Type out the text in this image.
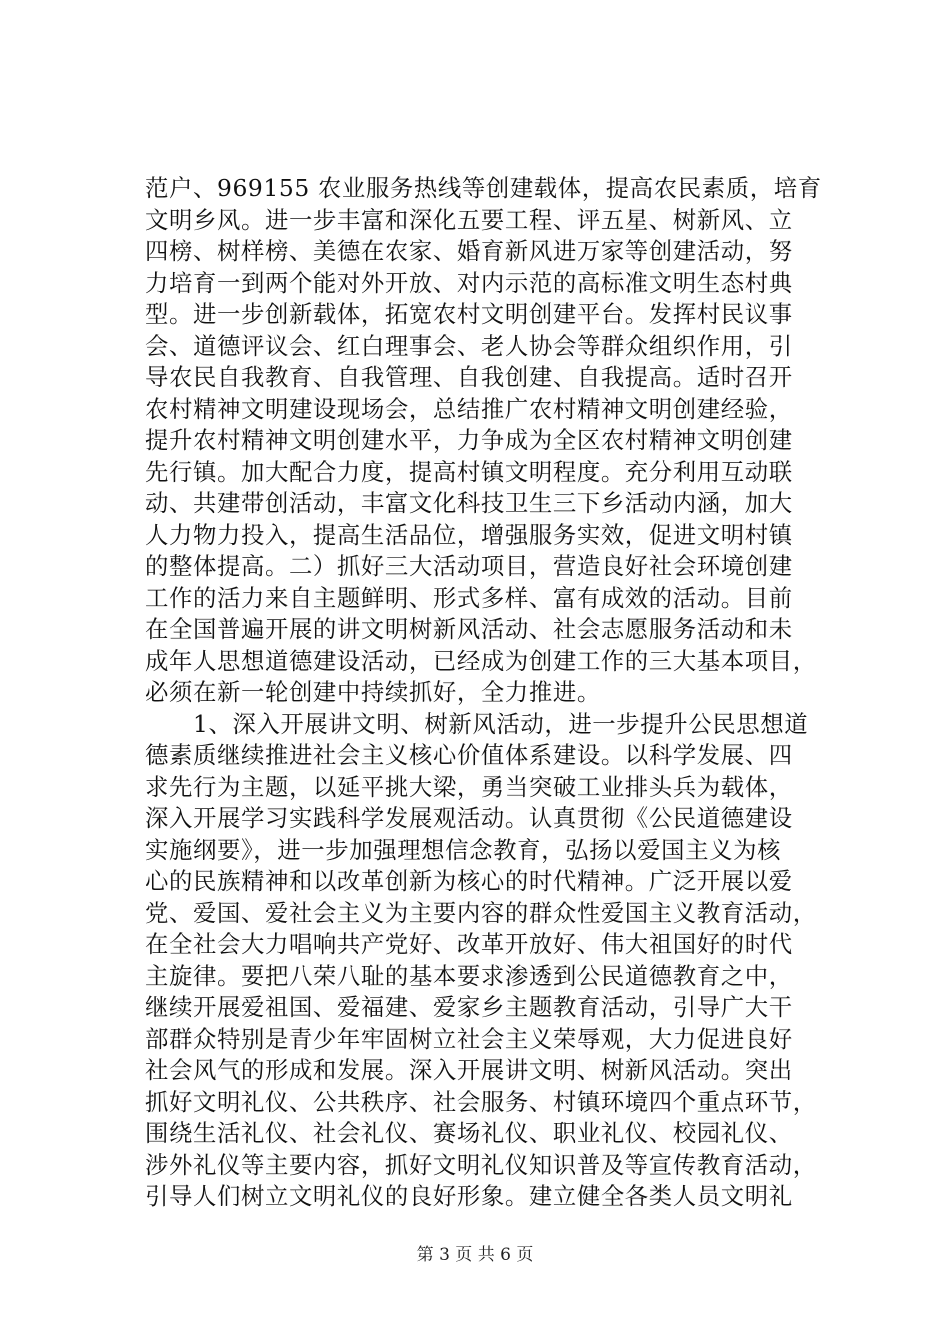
范户、969155 农业服务热线等创建载体，提高农民素质，培育
文明乡风。进一步丰富和深化五要工程、评五星、树新风、立
四榜、树样榜、美德在农家、婚育新风进万家等创建活动，努
力培育一到两个能对外开放、对内示范的高标准文明生态村典
型。进一步创新载体，拓宽农村文明创建平台。发挥村民议事
会、道德评议会、红白理事会、老人协会等群众组织作用，引
导农民自我教育、自我管理、自我创建、自我提高。适时召开
农村精神文明建设现场会，总结推广农村精神文明创建经验，
提升农村精神文明创建水平，力争成为全区农村精神文明创建
先行镇。加大配合力度，提高村镇文明程度。充分利用互动联
动、共建带创活动，丰富文化科技卫生三下乡活动内涵，加大
人力物力投入，提高生活品位，增强服务实效，促进文明村镇
的整体提高。二）抓好三大活动项目，营造良好社会环境创建
工作的活力来自主题鲜明、形式多样、富有成效的活动。目前
在全国普遍开展的讲文明树新风活动、社会志愿服务活动和未
成年人思想道德建设活动，已经成为创建工作的三大基本项目，
必须在新一轮创建中持续抓好，全力推进。
　　1、深入开展讲文明、树新风活动，进一步提升公民思想道
德素质继续推进社会主义核心价值体系建设。以科学发展、四
求先行为主题，以延平挑大梁，勇当突破工业排头兵为载体，
深入开展学习实践科学发展观活动。认真贯彻《公民道德建设
实施纲要》，进一步加强理想信念教育，弘扬以爱国主义为核
心的民族精神和以改革创新为核心的时代精神。广泛开展以爱
党、爱国、爱社会主义为主要内容的群众性爱国主义教育活动，
在全社会大力唱响共产党好、改革开放好、伟大祖国好的时代
主旋律。要把八荣八耻的基本要求渗透到公民道德教育之中，
继续开展爱祖国、爱福建、爱家乡主题教育活动，引导广大干
部群众特别是青少年牢固树立社会主义荣辱观，大力促进良好
社会风气的形成和发展。深入开展讲文明、树新风活动。突出
抓好文明礼仪、公共秩序、社会服务、村镇环境四个重点环节，
围绕生活礼仪、社会礼仪、赛场礼仪、职业礼仪、校园礼仪、
涉外礼仪等主要内容，抓好文明礼仪知识普及等宣传教育活动，
引导人们树立文明礼仪的良好形象。建立健全各类人员文明礼
第 3 页 共 6 页
